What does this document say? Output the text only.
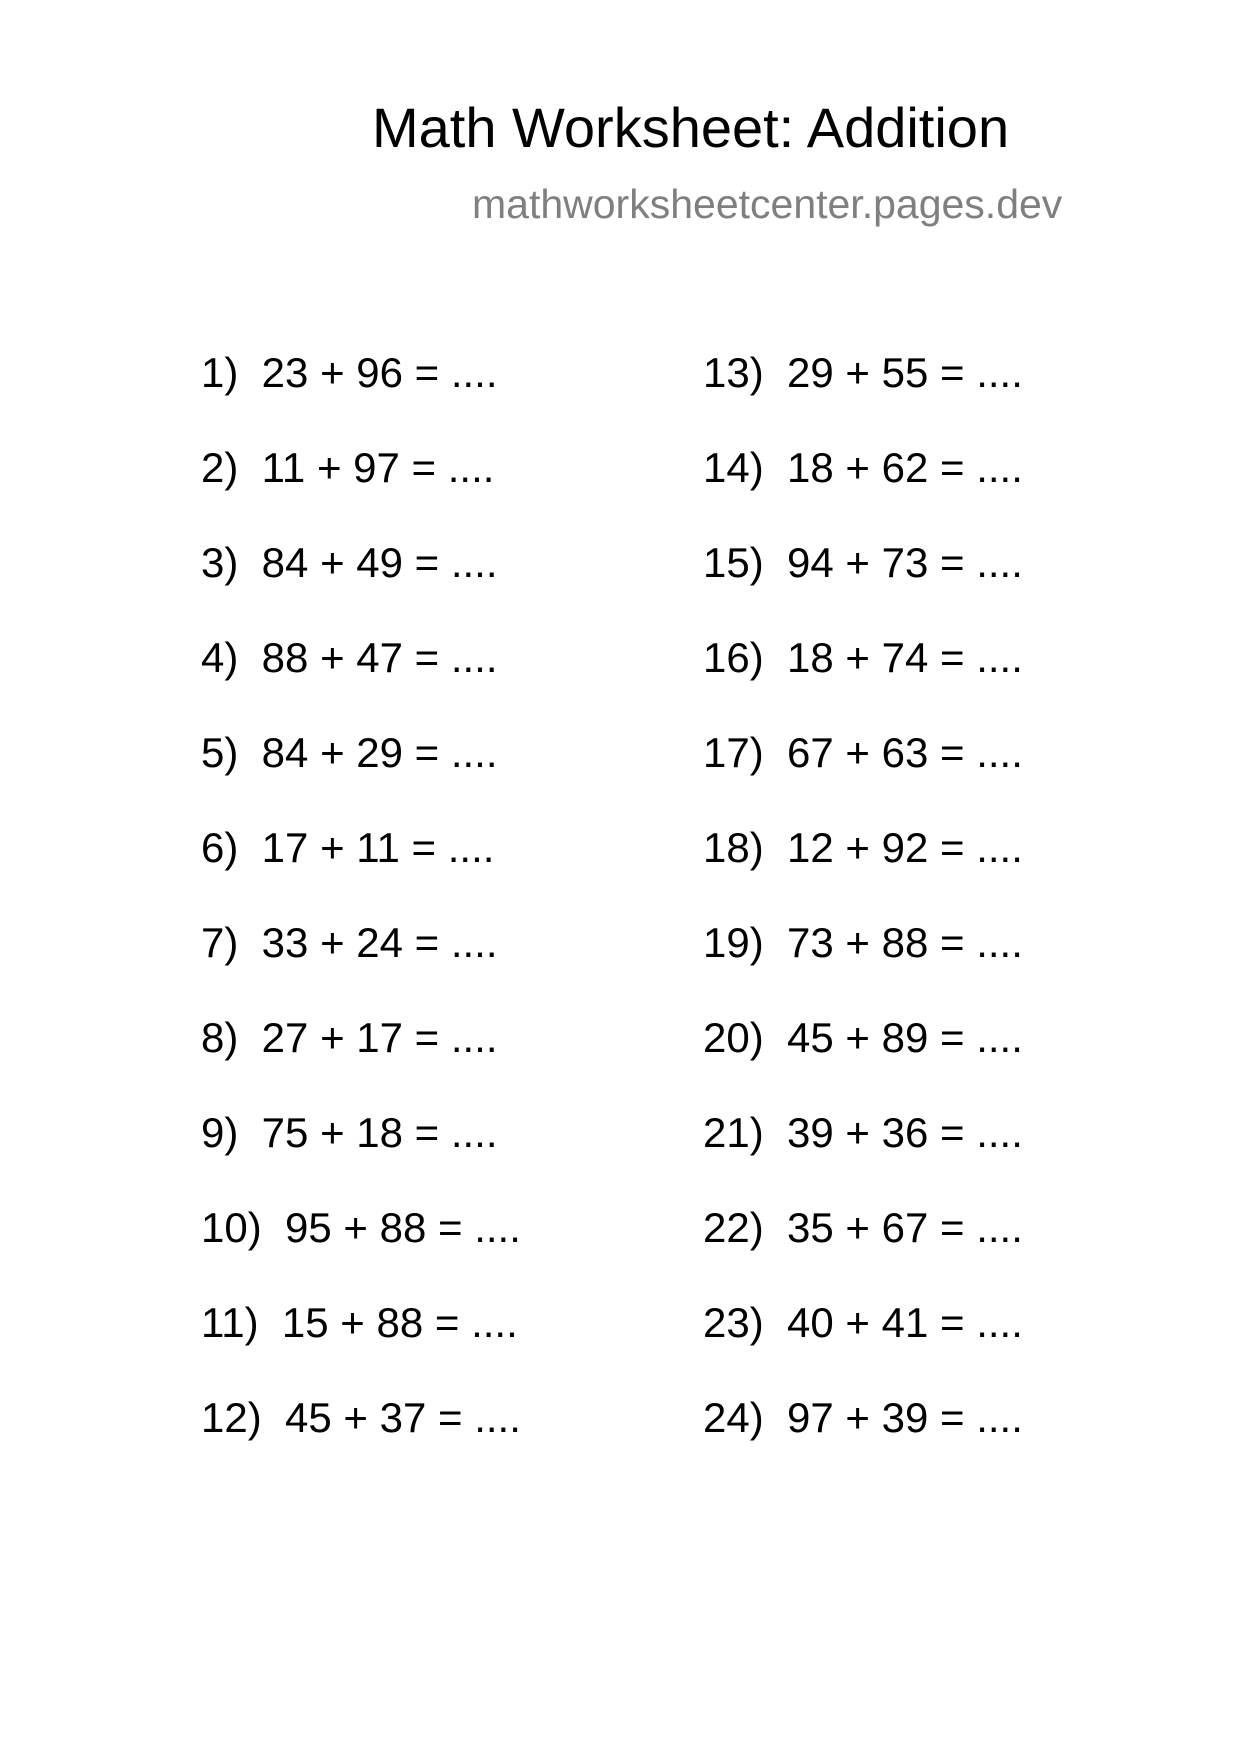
Math Worksheet: Addition
mathworksheetcenter.pages.dev
1)  23 + 96 = ....
2)  11 + 97 = ....
3)  84 + 49 = ....
4)  88 + 47 = ....
5)  84 + 29 = ....
6)  17 + 11 = ....
7)  33 + 24 = ....
8)  27 + 17 = ....
9)  75 + 18 = ....
10)  95 + 88 = ....
11)  15 + 88 = ....
12)  45 + 37 = ....
13)  29 + 55 = ....
14)  18 + 62 = ....
15)  94 + 73 = ....
16)  18 + 74 = ....
17)  67 + 63 = ....
18)  12 + 92 = ....
19)  73 + 88 = ....
20)  45 + 89 = ....
21)  39 + 36 = ....
22)  35 + 67 = ....
23)  40 + 41 = ....
24)  97 + 39 = ....
